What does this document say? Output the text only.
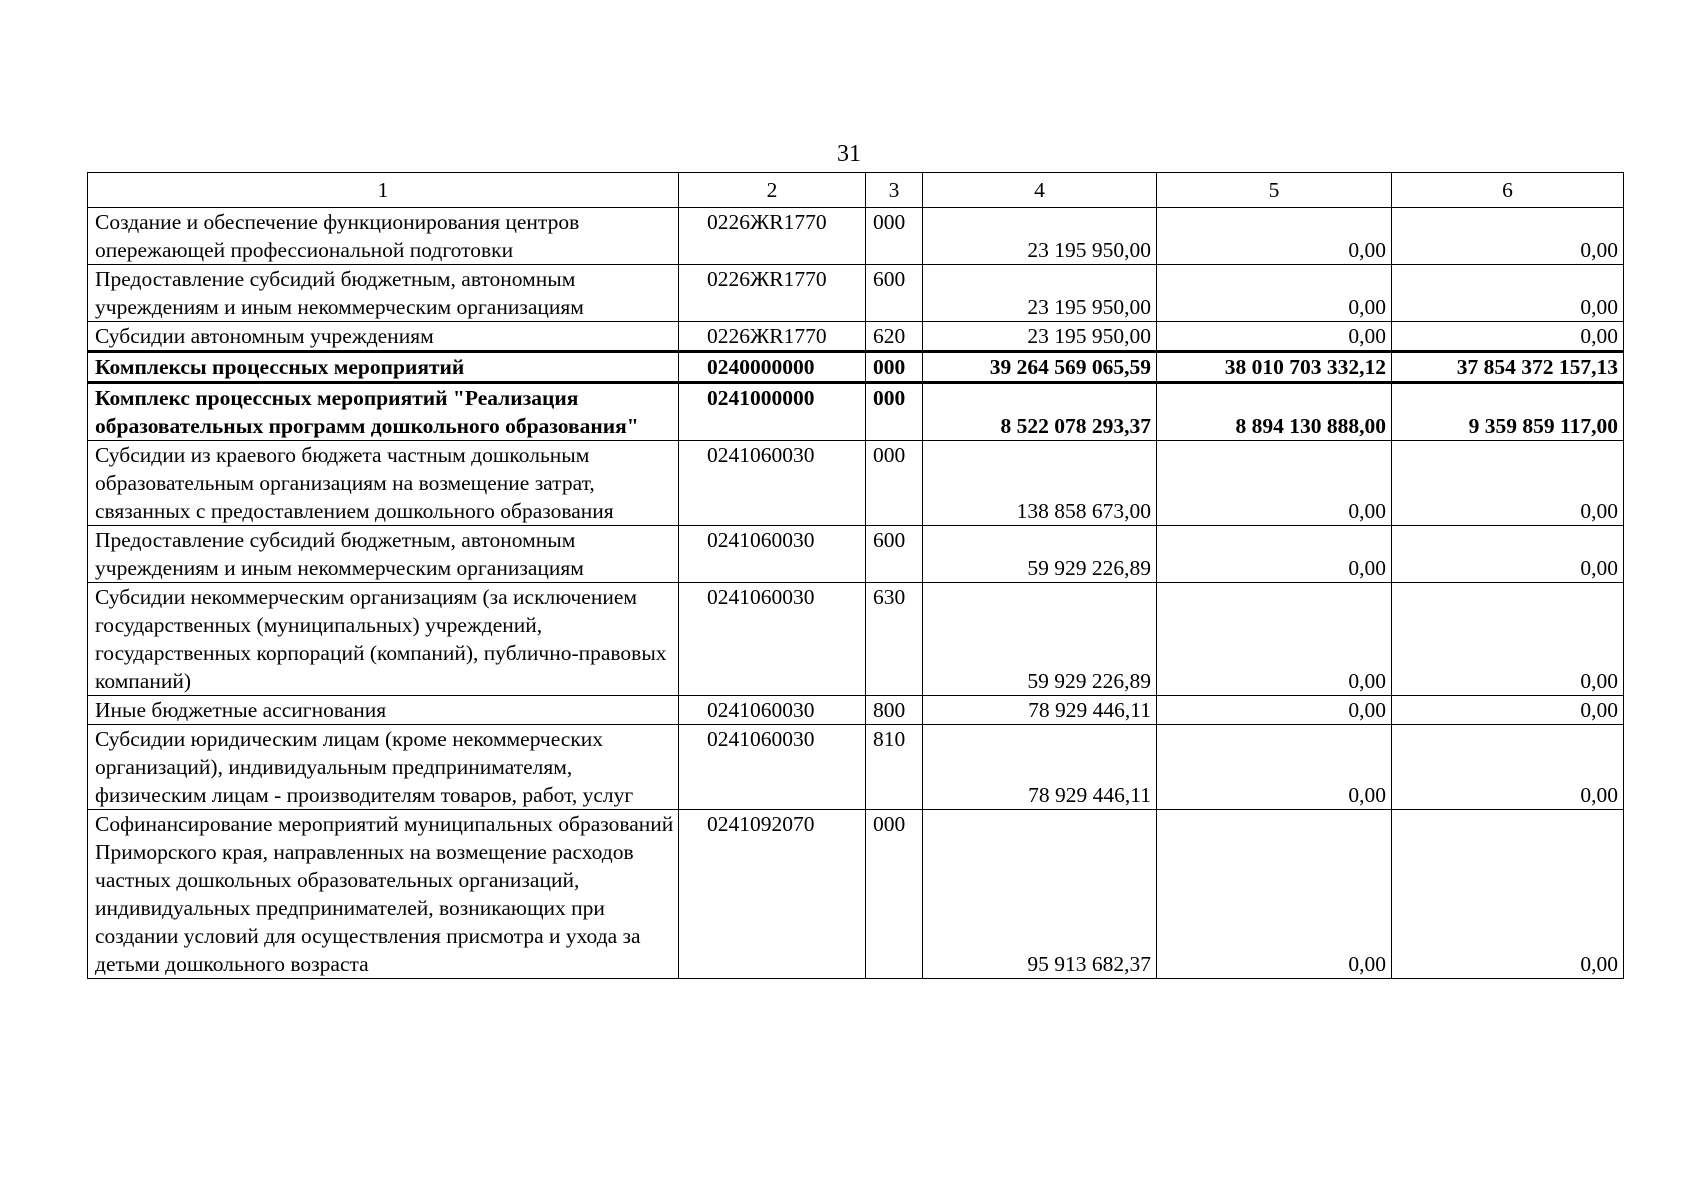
31
1	2	3	4	5	6
Создание и обеспечение функционирования центров опережающей профессиональной подготовки	0226ЖR1770	000	23 195 950,00	0,00	0,00
Предоставление субсидий бюджетным, автономным учреждениям и иным некоммерческим организациям	0226ЖR1770	600	23 195 950,00	0,00	0,00
Субсидии автономным учреждениям	0226ЖR1770	620	23 195 950,00	0,00	0,00
Комплексы процессных мероприятий	0240000000	000	39 264 569 065,59	38 010 703 332,12	37 854 372 157,13
Комплекс процессных мероприятий "Реализация образовательных программ дошкольного образования"	0241000000	000	8 522 078 293,37	8 894 130 888,00	9 359 859 117,00
Субсидии из краевого бюджета частным дошкольным образовательным организациям на возмещение затрат, связанных с предоставлением дошкольного образования	0241060030	000	138 858 673,00	0,00	0,00
Предоставление субсидий бюджетным, автономным учреждениям и иным некоммерческим организациям	0241060030	600	59 929 226,89	0,00	0,00
Субсидии некоммерческим организациям (за исключением государственных (муниципальных) учреждений, государственных корпораций (компаний), публично-правовых компаний)	0241060030	630	59 929 226,89	0,00	0,00
Иные бюджетные ассигнования	0241060030	800	78 929 446,11	0,00	0,00
Субсидии юридическим лицам (кроме некоммерческих организаций), индивидуальным предпринимателям, физическим лицам - производителям товаров, работ, услуг	0241060030	810	78 929 446,11	0,00	0,00
Софинансирование мероприятий муниципальных образований Приморского края, направленных на возмещение расходов частных дошкольных образовательных организаций, индивидуальных предпринимателей, возникающих при создании условий для осуществления присмотра и ухода за детьми дошкольного возраста	0241092070	000	95 913 682,37	0,00	0,00
